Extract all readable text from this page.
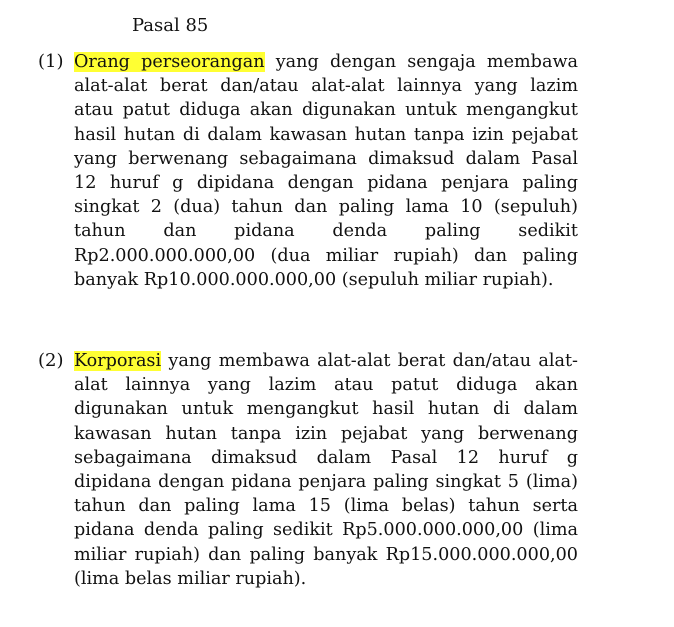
Pasal 85
(1) Orang perseorangan yang dengan sengaja membawa alat-alat berat dan/atau alat-alat lainnya yang lazim atau patut diduga akan digunakan untuk mengangkut hasil hutan di dalam kawasan hutan tanpa izin pejabat yang berwenang sebagaimana dimaksud dalam Pasal 12 huruf g dipidana dengan pidana penjara paling singkat 2 (dua) tahun dan paling lama 10 (sepuluh) tahun dan pidana denda paling sedikit Rp2.000.000.000,00 (dua miliar rupiah) dan paling banyak Rp10.000.000.000,00 (sepuluh miliar rupiah).
(2) Korporasi yang membawa alat-alat berat dan/atau alat-alat lainnya yang lazim atau patut diduga akan digunakan untuk mengangkut hasil hutan di dalam kawasan hutan tanpa izin pejabat yang berwenang sebagaimana dimaksud dalam Pasal 12 huruf g dipidana dengan pidana penjara paling singkat 5 (lima) tahun dan paling lama 15 (lima belas) tahun serta pidana denda paling sedikit Rp5.000.000.000,00 (lima miliar rupiah) dan paling banyak Rp15.000.000.000,00 (lima belas miliar rupiah).
